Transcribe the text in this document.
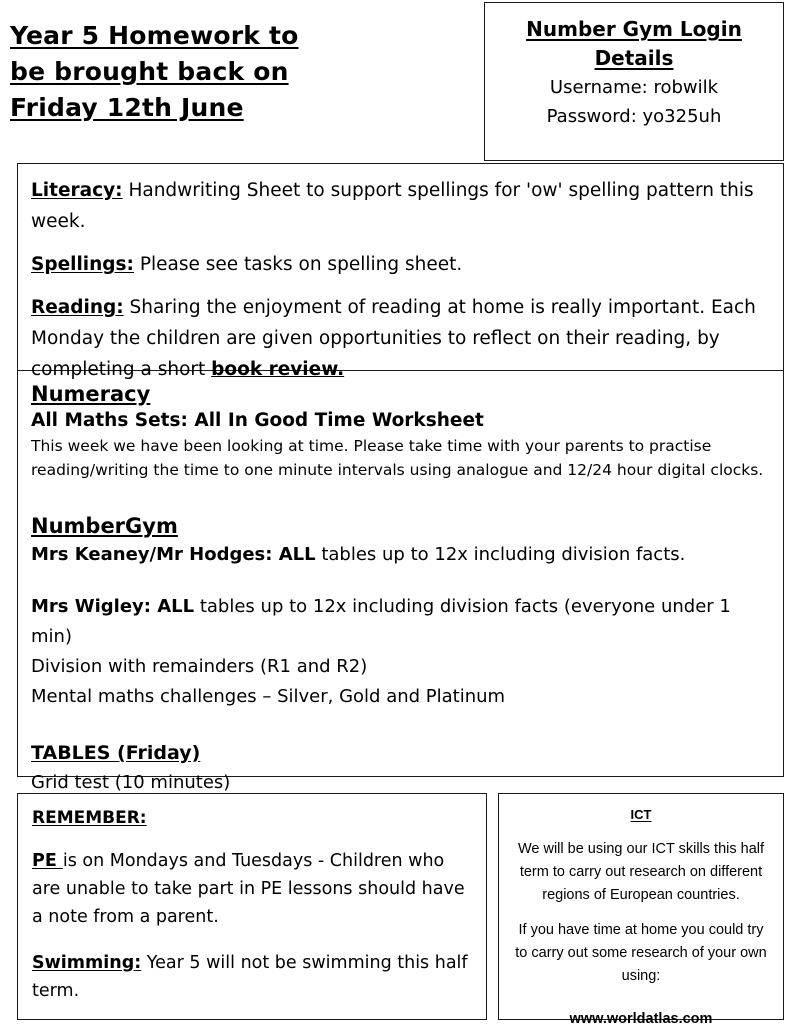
Year 5 Homework to
be brought back on
Friday 12th June
Number Gym Login
Details
Username: robwilk
Password: yo325uh

Literacy: Handwriting Sheet to support spellings for 'ow' spelling pattern this week.

Spellings: Please see tasks on spelling sheet.

Reading: Sharing the enjoyment of reading at home is really important. Each Monday the children are given opportunities to reflect on their reading, by completing a short book review.

Numeracy
All Maths Sets: All In Good Time Worksheet
This week we have been looking at time. Please take time with your parents to practise reading/writing the time to one minute intervals using analogue and 12/24 hour digital clocks.
NumberGym
Mrs Keaney/Mr Hodges: ALL tables up to 12x including division facts.
Mrs Wigley: ALL tables up to 12x including division facts (everyone under 1 min)
Division with remainders (R1 and R2)
Mental maths challenges – Silver, Gold and Platinum
TABLES (Friday)
Grid test (10 minutes)
REMEMBER:

PE is on Mondays and Tuesdays - Children who are unable to take part in PE lessons should have a note from a parent.

Swimming: Year 5 will not be swimming this half term.

ICT
We will be using our ICT skills this half term to carry out research on different regions of European countries.
If you have time at home you could try to carry out some research of your own using:
www.worldatlas.com
